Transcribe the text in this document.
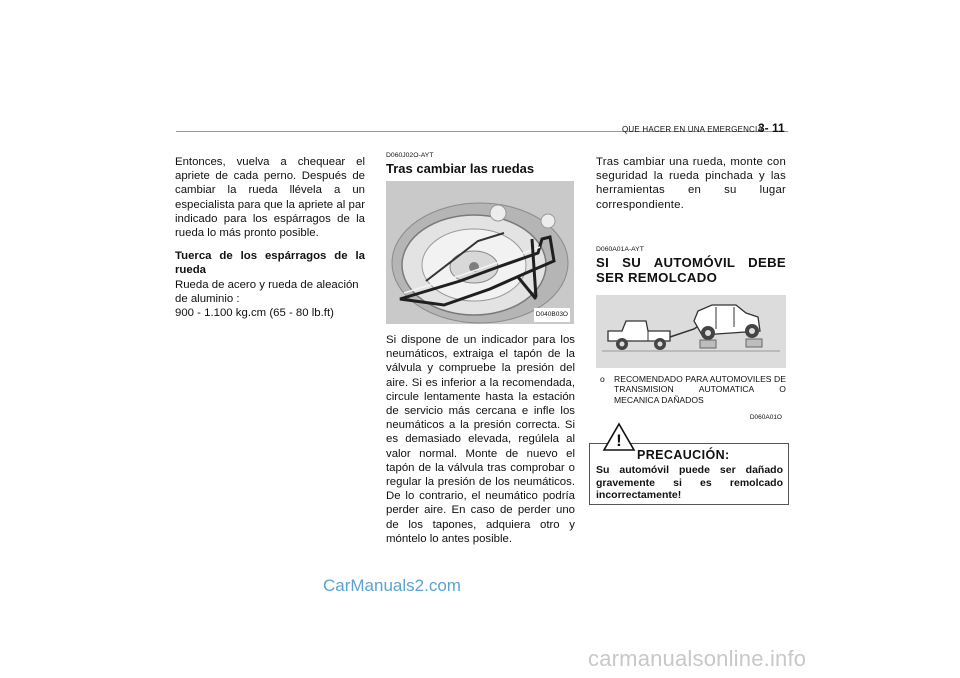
QUE HACER EN UNA EMERGENCIA
3- 11
Entonces, vuelva a chequear el apriete de cada perno. Después de cambiar la rueda llévela a un especialista para que la apriete al par indicado para los espárragos de la rueda lo más pronto posible.
Tuerca de los espárragos de la rueda
Rueda de acero y rueda de aleación de aluminio :
900 - 1.100 kg.cm (65 - 80 lb.ft)
D060J02O-AYT
Tras cambiar las ruedas
D040B03O
Si dispone de un indicador para los neumáticos, extraiga el tapón de la válvula y compruebe la presión del aire. Si es inferior a la recomendada, circule lentamente hasta la estación de servicio más cercana e infle los neumáticos a la presión correcta. Si es demasiado elevada, regúlela al valor normal. Monte de nuevo el tapón de la válvula tras comprobar o regular la presión de los neumáticos. De lo contrario, el neumático podría perder aire. En caso de perder uno de los tapones, adquiera otro y móntelo lo antes posible.
Tras cambiar una rueda, monte con seguridad la rueda pinchada y las herramientas en su lugar correspondiente.
D060A01A-AYT
SI SU AUTOMÓVIL DEBE SER REMOLCADO
o RECOMENDADO PARA AUTOMOVILES DE TRANSMISION AUTOMATICA O MECANICA DAÑADOS
D060A01O
!
PRECAUCIÓN:
Su automóvil puede ser dañado gravemente si es remolcado incorrectamente!
CarManuals2.com
carmanualsonline.info
